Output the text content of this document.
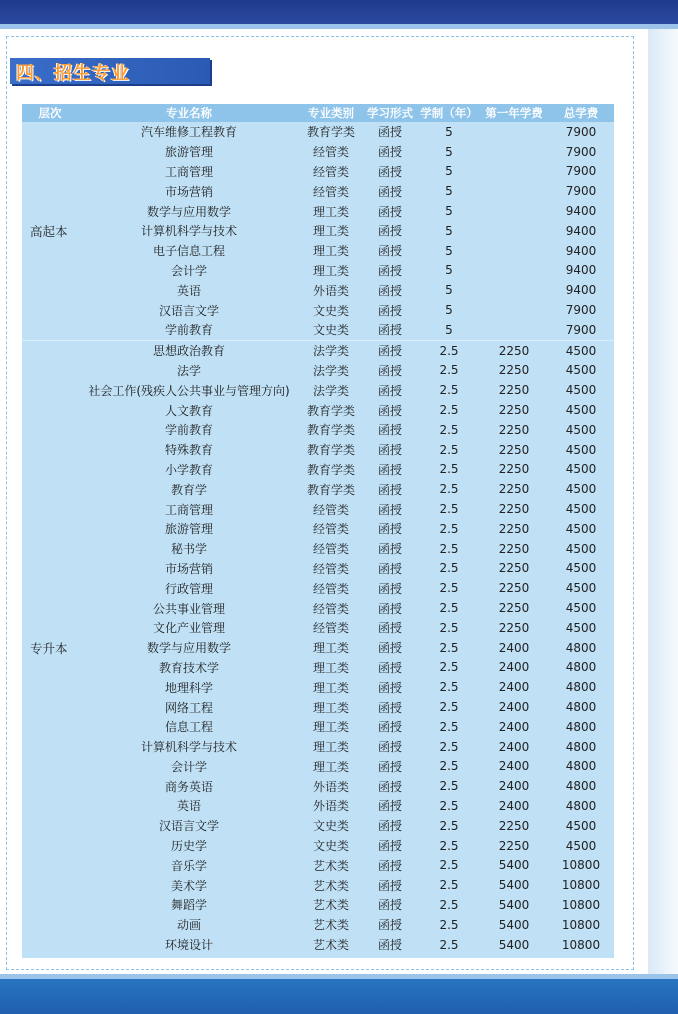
四、招生专业
层次	专业名称	专业类别	学习形式	学制（年）	第一年学费	总学费
高起本	汽车维修工程教育	教育学类	函授	5		7900
	旅游管理	经管类	函授	5		7900
	工商管理	经管类	函授	5		7900
	市场营销	经管类	函授	5		7900
	数学与应用数学	理工类	函授	5		9400
	计算机科学与技术	理工类	函授	5		9400
	电子信息工程	理工类	函授	5		9400
	会计学	理工类	函授	5		9400
	英语	外语类	函授	5		9400
	汉语言文学	文史类	函授	5		7900
	学前教育	文史类	函授	5		7900
专升本	思想政治教育	法学类	函授	2.5	2250	4500
	法学	法学类	函授	2.5	2250	4500
	社会工作(残疾人公共事业与管理方向)	法学类	函授	2.5	2250	4500
	人文教育	教育学类	函授	2.5	2250	4500
	学前教育	教育学类	函授	2.5	2250	4500
	特殊教育	教育学类	函授	2.5	2250	4500
	小学教育	教育学类	函授	2.5	2250	4500
	教育学	教育学类	函授	2.5	2250	4500
	工商管理	经管类	函授	2.5	2250	4500
	旅游管理	经管类	函授	2.5	2250	4500
	秘书学	经管类	函授	2.5	2250	4500
	市场营销	经管类	函授	2.5	2250	4500
	行政管理	经管类	函授	2.5	2250	4500
	公共事业管理	经管类	函授	2.5	2250	4500
	文化产业管理	经管类	函授	2.5	2250	4500
	数学与应用数学	理工类	函授	2.5	2400	4800
	教育技术学	理工类	函授	2.5	2400	4800
	地理科学	理工类	函授	2.5	2400	4800
	网络工程	理工类	函授	2.5	2400	4800
	信息工程	理工类	函授	2.5	2400	4800
	计算机科学与技术	理工类	函授	2.5	2400	4800
	会计学	理工类	函授	2.5	2400	4800
	商务英语	外语类	函授	2.5	2400	4800
	英语	外语类	函授	2.5	2400	4800
	汉语言文学	文史类	函授	2.5	2250	4500
	历史学	文史类	函授	2.5	2250	4500
	音乐学	艺术类	函授	2.5	5400	10800
	美术学	艺术类	函授	2.5	5400	10800
	舞蹈学	艺术类	函授	2.5	5400	10800
	动画	艺术类	函授	2.5	5400	10800
	环境设计	艺术类	函授	2.5	5400	10800
